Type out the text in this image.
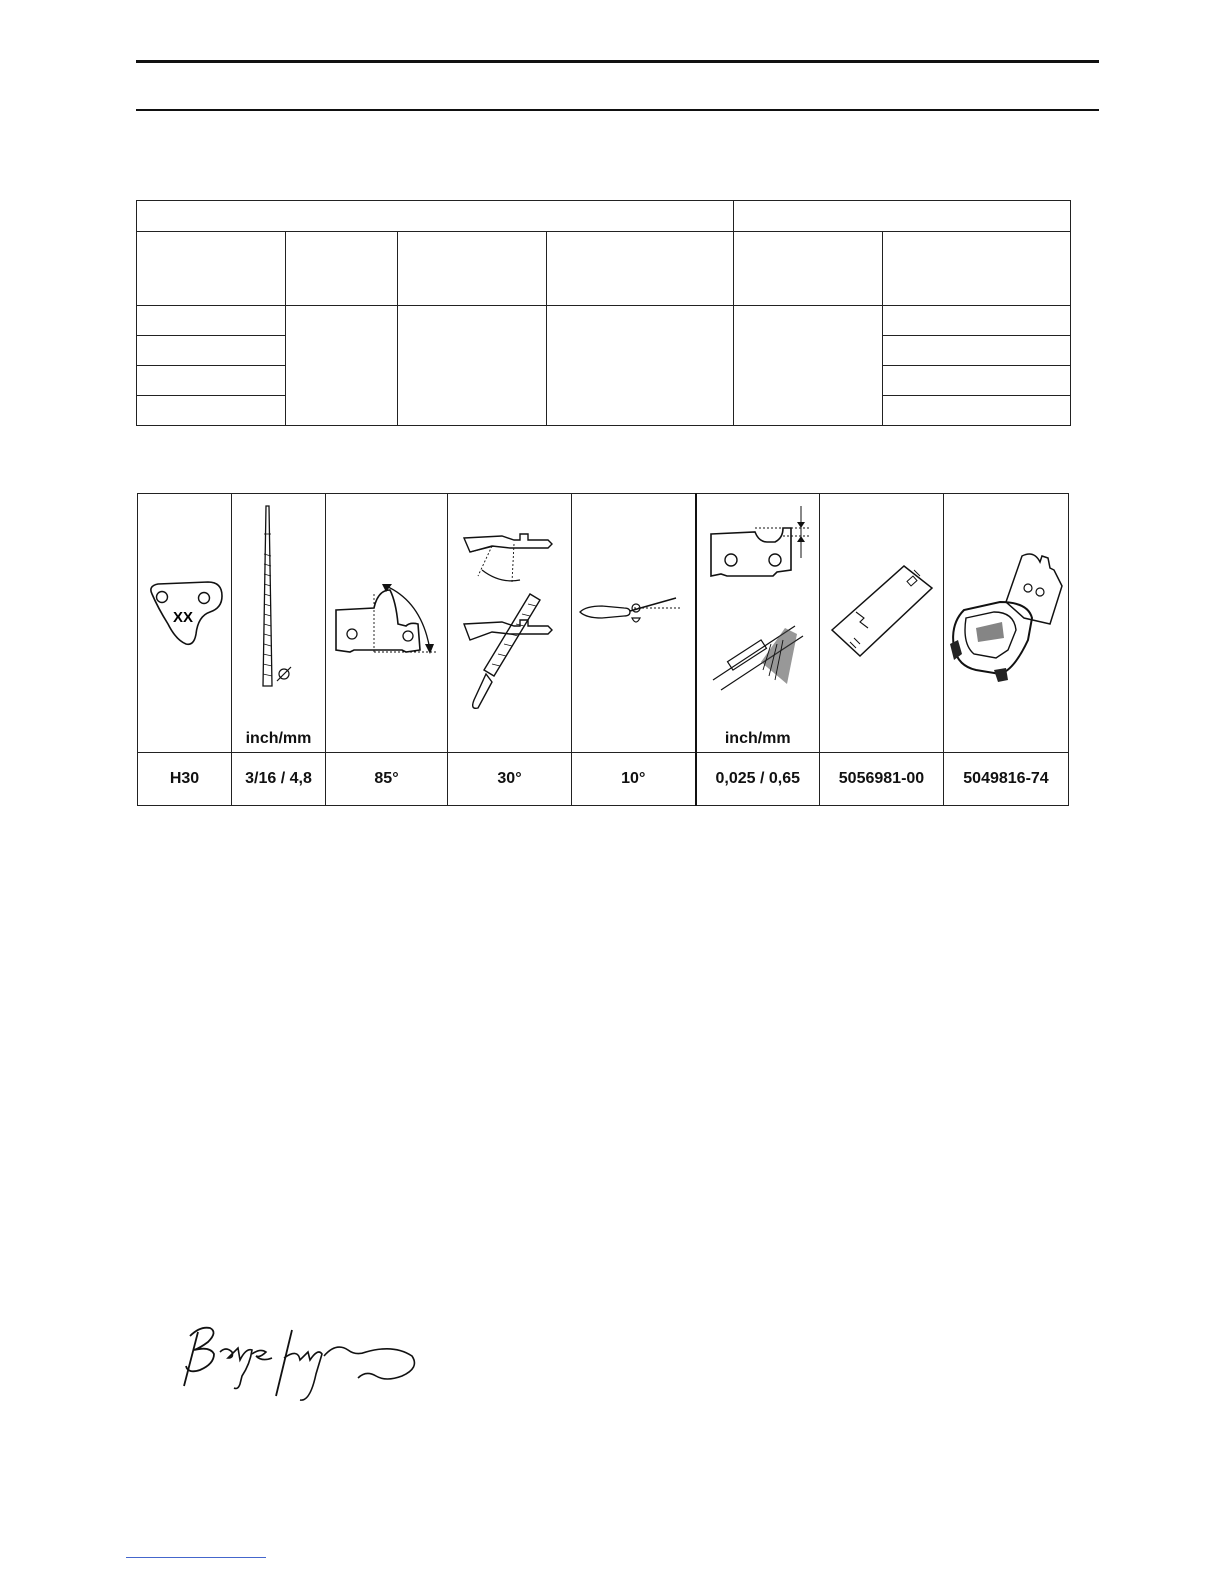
XX	inch/mm				inch/mm

H30	3/16 / 4,8	85°	30°	10°	0,025 / 0,65	5056981-00	5049816-74
